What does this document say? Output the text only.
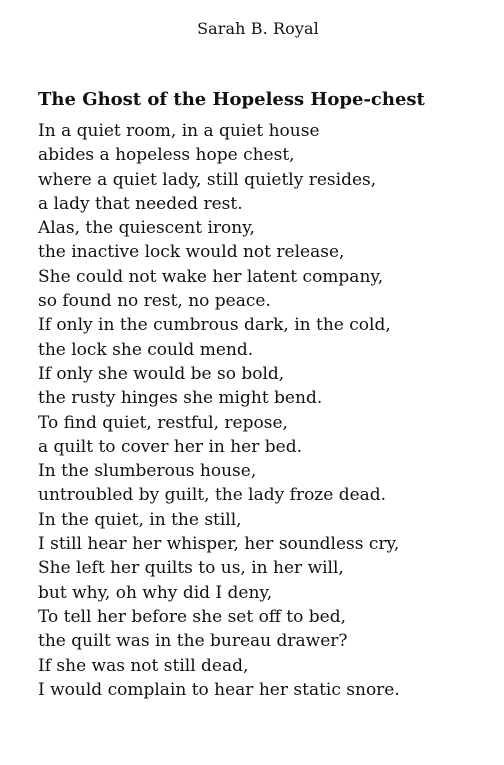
Sarah B. Royal
The Ghost of the Hopeless Hope-chest
In a quiet room, in a quiet house
abides a hopeless hope chest,
where a quiet lady, still quietly resides,
a lady that needed rest.
Alas, the quiescent irony,
the inactive lock would not release,
She could not wake her latent company,
so found no rest, no peace.
If only in the cumbrous dark, in the cold,
the lock she could mend.
If only she would be so bold,
the rusty hinges she might bend.
To find quiet, restful, repose,
a quilt to cover her in her bed.
In the slumberous house,
untroubled by guilt, the lady froze dead.
In the quiet, in the still,
I still hear her whisper, her soundless cry,
She left her quilts to us, in her will,
but why, oh why did I deny,
To tell her before she set off to bed,
the quilt was in the bureau drawer?
If she was not still dead,
I would complain to hear her static snore.
